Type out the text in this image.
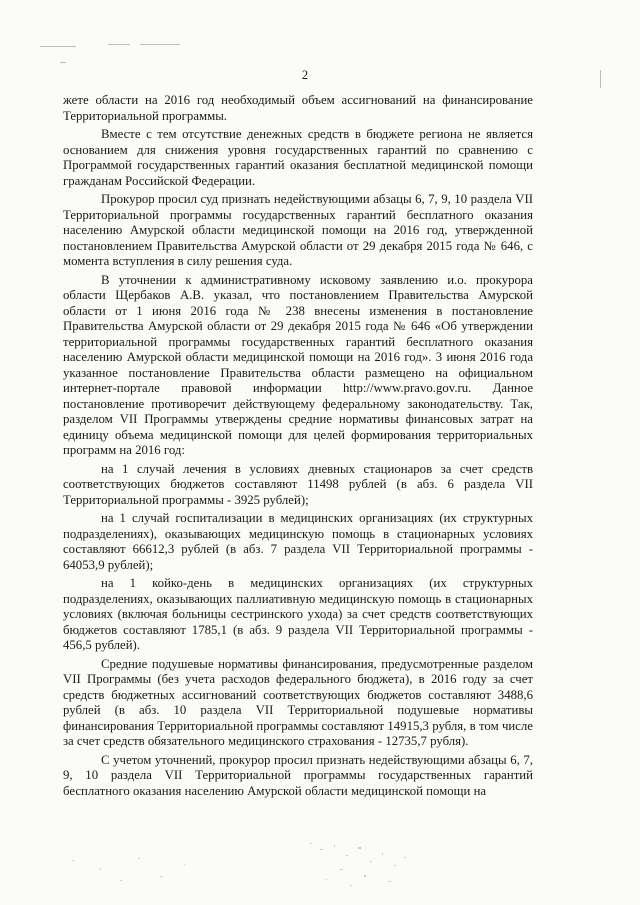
2

жете области на 2016 год необходимый объем ассигнований на финансирование Территориальной программы.

Вместе с тем отсутствие денежных средств в бюджете региона не является основанием для снижения уровня государственных гарантий по сравнению с Программой государственных гарантий оказания бесплатной медицинской помощи гражданам Российской Федерации.

Прокурор просил суд признать недействующими абзацы 6, 7, 9, 10 раздела VII Территориальной программы государственных гарантий бесплатного оказания населению Амурской области медицинской помощи на 2016 год, утвержденной постановлением Правительства Амурской области от 29 декабря 2015 года № 646, с момента вступления в силу решения суда.

В уточнении к административному исковому заявлению и.о. прокурора области Щербаков А.В. указал, что постановлением Правительства Амурской области от 1 июня 2016 года № 238 внесены изменения в постановление Правительства Амурской области от 29 декабря 2015 года № 646 «Об утверждении территориальной программы государственных гарантий бесплатного оказания населению Амурской области медицинской помощи на 2016 год». 3 июня 2016 года указанное постановление Правительства области размещено на официальном интернет-портале правовой информации http://www.pravo.gov.ru. Данное постановление противоречит действующему федеральному законодательству. Так, разделом VII Программы утверждены средние нормативы финансовых затрат на единицу объема медицинской помощи для целей формирования территориальных программ на 2016 год:

на 1 случай лечения в условиях дневных стационаров за счет средств соответствующих бюджетов составляют 11498 рублей (в абз. 6 раздела VII Территориальной программы - 3925 рублей);

на 1 случай госпитализации в медицинских организациях (их структурных подразделениях), оказывающих медицинскую помощь в стационарных условиях составляют 66612,3 рублей (в абз. 7 раздела VII Территориальной программы - 64053,9 рублей);

на 1 койко-день в медицинских организациях (их структурных подразделениях, оказывающих паллиативную медицинскую помощь в стационарных условиях (включая больницы сестринского ухода) за счет средств соответствующих бюджетов составляют 1785,1 (в абз. 9 раздела VII Территориальной программы - 456,5 рублей).

Средние подушевые нормативы финансирования, предусмотренные разделом VII Программы (без учета расходов федерального бюджета), в 2016 году за счет средств бюджетных ассигнований соответствующих бюджетов составляют 3488,6 рублей (в абз. 10 раздела VII Территориальной подушевые нормативы финансирования Территориальной программы составляют 14915,3 рубля, в том числе за счет средств обязательного медицинского страхования - 12735,7 рубля).

С учетом уточнений, прокурор просил признать недействующими абзацы 6, 7, 9, 10 раздела VII Территориальной программы государственных гарантий бесплатного оказания населению Амурской области медицинской помощи на
